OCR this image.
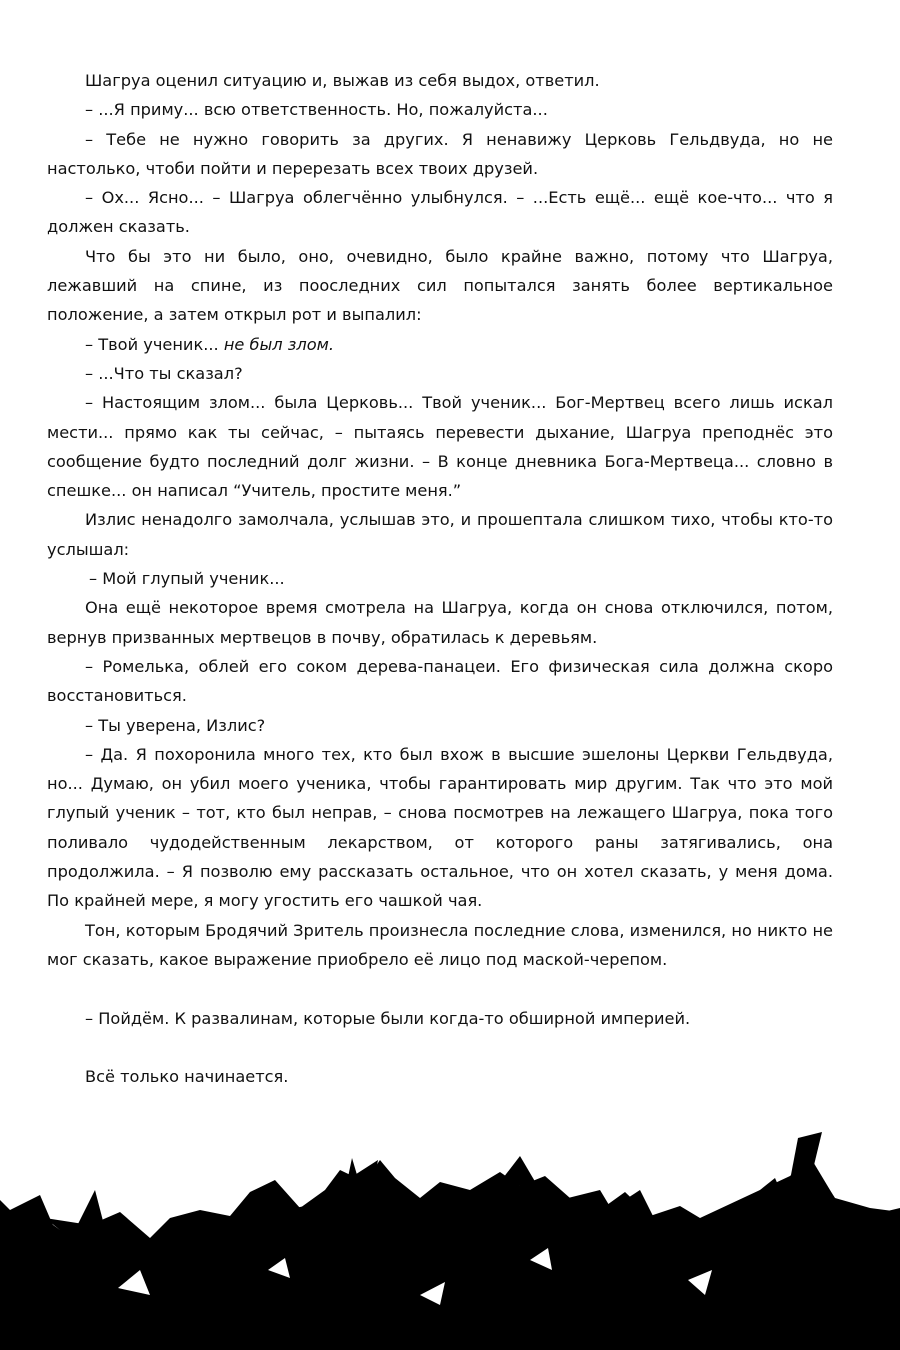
Шагруа оценил ситуацию и, выжав из себя выдох, ответил.

– ...Я приму... всю ответственность. Но, пожалуйста...

– Тебе не нужно говорить за других. Я ненавижу Церковь Гельдвуда, но не настолько, чтоби пойти и перерезать всех твоих друзей.

– Ох... Ясно... – Шагруа облегчённо улыбнулся. – ...Есть ещё... ещё кое-что... что я должен сказать.

Что бы это ни было, оно, очевидно, было крайне важно, потому что Шагруа, лежавший на спине, из поoследних сил попытался занять более вертикальное положение, а затем открыл рот и выпалил:

– Твой ученик... не был злом.

– ...Что ты сказал?

– Настоящим злом... была Церковь... Твой ученик... Бог-Мертвец всего лишь искал мести... прямо как ты сейчас, – пытаясь перевести дыхание, Шагруа преподнёс это сообщение будто последний долг жизни. – В конце дневника Бога-Мертвеца... словно в спешке... он написал “Учитель, простите меня.”

Излис ненадолго замолчала, услышав это, и прошептала слишком тихо, чтобы кто-то услышал:

– Мой глупый ученик...

Она ещё некоторое время смотрела на Шагруа, когда он снова отключился, потом, вернув призванных мертвецов в почву, обратилась к деревьям.

– Ромелька, облей его соком дерева-панацеи. Его физическая сила должна скоро восстановиться.

– Ты уверена, Излис?

– Да. Я похоронила много тех, кто был вхож в высшие эшелоны Церкви Гельдвуда, но... Думаю, он убил моего ученика, чтобы гарантировать мир другим. Так что это мой глупый ученик – тот, кто был неправ, – снова посмотрев на лежащего Шагруа, пока того поливало чудодейственным лекарством, от которого раны затягивались, она продолжила. – Я позволю ему рассказать остальное, что он хотел сказать, у меня дома. По крайней мере, я могу угостить его чашкой чая.

Тон, которым Бродячий Зритель произнесла последние слова, изменился, но никто не мог сказать, какое выражение приобрело её лицо под маской-черепом.

– Пойдём. К развалинам, которые были когда-то обширной империей.

Всё только начинается.
